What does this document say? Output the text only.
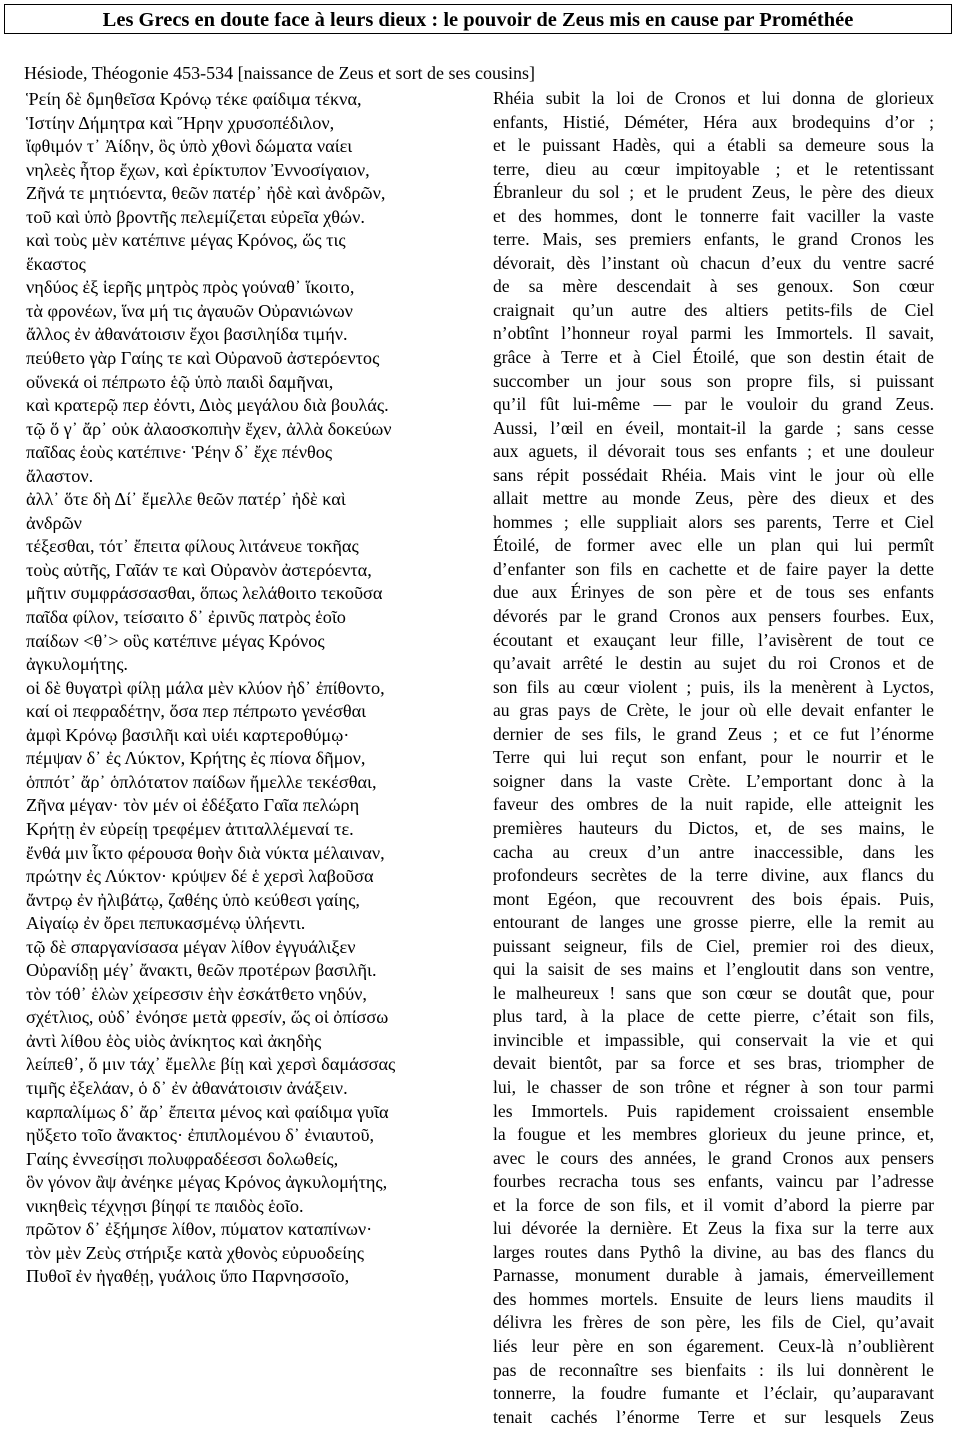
Les Grecs en doute face à leurs dieux : le pouvoir de Zeus mis en cause par Prométhée
Hésiode, Théogonie 453-534 [naissance de Zeus et sort de ses cousins]
Ῥείη δὲ δμηθεῖσα Κρόνῳ τέκε φαίδιμα τέκνα,
Ἱστίην Δήμητρα καὶ Ἥρην χρυσοπέδιλον,
ἴφθιμόν τ᾽ Ἀίδην, ὃς ὑπὸ χθονὶ δώματα ναίει
νηλεὲς ἦτορ ἔχων, καὶ ἐρίκτυπον Ἐννοσίγαιον,
Ζῆνά τε μητιόεντα, θεῶν πατέρ᾽ ἠδὲ καὶ ἀνδρῶν,
τοῦ καὶ ὑπὸ βροντῆς πελεμίζεται εὐρεῖα χθών.
καὶ τοὺς μὲν κατέπινε μέγας Κρόνος, ὥς τις
ἕκαστος
νηδύος ἐξ ἱερῆς μητρὸς πρὸς γούναθ᾽ ἵκοιτο,
τὰ φρονέων, ἵνα μή τις ἀγαυῶν Οὐρανιώνων
ἄλλος ἐν ἀθανάτοισιν ἔχοι βασιληίδα τιμήν.
πεύθετο γὰρ Γαίης τε καὶ Οὐρανοῦ ἀστερόεντος
οὕνεκά οἱ πέπρωτο ἑῷ ὑπὸ παιδὶ δαμῆναι,
καὶ κρατερῷ περ ἐόντι, Διὸς μεγάλου διὰ βουλάς.
τῷ ὅ γ᾽ ἄρ᾽ οὐκ ἀλαοσκοπιὴν ἔχεν, ἀλλὰ δοκεύων
παῖδας ἑοὺς κατέπινε· Ῥέην δ᾽ ἔχε πένθος
ἄλαστον.
ἀλλ᾽ ὅτε δὴ Δί᾽ ἔμελλε θεῶν πατέρ᾽ ἠδὲ καὶ
ἀνδρῶν
τέξεσθαι, τότ᾽ ἔπειτα φίλους λιτάνευε τοκῆας
τοὺς αὐτῆς, Γαῖάν τε καὶ Οὐρανὸν ἀστερόεντα,
μῆτιν συμφράσσασθαι, ὅπως λελάθοιτο τεκοῦσα
παῖδα φίλον, τείσαιτο δ᾽ ἐρινῦς πατρὸς ἑοῖο
παίδων <θ᾽> οὓς κατέπινε μέγας Κρόνος
ἀγκυλομήτης.
οἱ δὲ θυγατρὶ φίλῃ μάλα μὲν κλύον ἠδ᾽ ἐπίθοντο,
καί οἱ πεφραδέτην, ὅσα περ πέπρωτο γενέσθαι
ἀμφὶ Κρόνῳ βασιλῆι καὶ υἱέι καρτεροθύμῳ·
πέμψαν δ᾽ ἐς Λύκτον, Κρήτης ἐς πίονα δῆμον,
ὁππότ᾽ ἄρ᾽ ὁπλότατον παίδων ἤμελλε τεκέσθαι,
Ζῆνα μέγαν· τὸν μέν οἱ ἐδέξατο Γαῖα πελώρη
Κρήτῃ ἐν εὐρείῃ τρεφέμεν ἀτιταλλέμεναί τε.
ἔνθά μιν ἷκτο φέρουσα θοὴν διὰ νύκτα μέλαιναν,
πρώτην ἐς Λύκτον· κρύψεν δέ ἑ χερσὶ λαβοῦσα
ἄντρῳ ἐν ἠλιβάτῳ, ζαθέης ὑπὸ κεύθεσι γαίης,
Αἰγαίῳ ἐν ὄρει πεπυκασμένῳ ὑλήεντι.
τῷ δὲ σπαργανίσασα μέγαν λίθον ἐγγυάλιξεν
Οὐρανίδῃ μέγ᾽ ἄνακτι, θεῶν προτέρων βασιλῆι.
τὸν τόθ᾽ ἑλὼν χείρεσσιν ἑὴν ἐσκάτθετο νηδύν,
σχέτλιος, οὐδ᾽ ἐνόησε μετὰ φρεσίν, ὥς οἱ ὀπίσσω
ἀντὶ λίθου ἑὸς υἱὸς ἀνίκητος καὶ ἀκηδὴς
λείπεθ᾽, ὅ μιν τάχ᾽ ἔμελλε βίῃ καὶ χερσὶ δαμάσσας
τιμῆς ἐξελάαν, ὁ δ᾽ ἐν ἀθανάτοισιν ἀνάξειν.
καρπαλίμως δ᾽ ἄρ᾽ ἔπειτα μένος καὶ φαίδιμα γυῖα
ηὔξετο τοῖο ἄνακτος· ἐπιπλομένου δ᾽ ἐνιαυτοῦ,
Γαίης ἐννεσίῃσι πολυφραδέεσσι δολωθείς,
ὃν γόνον ἂψ ἀνέηκε μέγας Κρόνος ἀγκυλομήτης,
νικηθεὶς τέχνῃσι βίηφί τε παιδὸς ἑοῖο.
πρῶτον δ᾽ ἐξήμησε λίθον, πύματον καταπίνων·
τὸν μὲν Ζεὺς στήριξε κατὰ χθονὸς εὐρυοδείης
Πυθοῖ ἐν ἠγαθέῃ, γυάλοις ὕπο Παρνησσοῖο,
Rhéia subit la loi de Cronos et lui donna de glorieux
enfants, Histié, Déméter, Héra aux brodequins d’or ;
et le puissant Hadès, qui a établi sa demeure sous la
terre, dieu au cœur impitoyable ; et le retentissant
Ébranleur du sol ; et le prudent Zeus, le père des dieux
et des hommes, dont le tonnerre fait vaciller la vaste
terre. Mais, ses premiers enfants, le grand Cronos les
dévorait, dès l’instant où chacun d’eux du ventre sacré
de sa mère descendait à ses genoux. Son cœur
craignait qu’un autre des altiers petits-fils de Ciel
n’obtînt l’honneur royal parmi les Immortels. Il savait,
grâce à Terre et à Ciel Étoilé, que son destin était de
succomber un jour sous son propre fils, si puissant
qu’il fût lui-même — par le vouloir du grand Zeus.
Aussi, l’œil en éveil, montait-il la garde ; sans cesse
aux aguets, il dévorait tous ses enfants ; et une douleur
sans répit possédait Rhéia. Mais vint le jour où elle
allait mettre au monde Zeus, père des dieux et des
hommes ; elle suppliait alors ses parents, Terre et Ciel
Étoilé, de former avec elle un plan qui lui permît
d’enfanter son fils en cachette et de faire payer la dette
due aux Érinyes de son père et de tous ses enfants
dévorés par le grand Cronos aux pensers fourbes. Eux,
écoutant et exauçant leur fille, l’avisèrent de tout ce
qu’avait arrêté le destin au sujet du roi Cronos et de
son fils au cœur violent ; puis, ils la menèrent à Lyctos,
au gras pays de Crète, le jour où elle devait enfanter le
dernier de ses fils, le grand Zeus ; et ce fut l’énorme
Terre qui lui reçut son enfant, pour le nourrir et le
soigner dans la vaste Crète. L’emportant donc à la
faveur des ombres de la nuit rapide, elle atteignit les
premières hauteurs du Dictos, et, de ses mains, le
cacha au creux d’un antre inaccessible, dans les
profondeurs secrètes de la terre divine, aux flancs du
mont Egéon, que recouvrent des bois épais. Puis,
entourant de langes une grosse pierre, elle la remit au
puissant seigneur, fils de Ciel, premier roi des dieux,
qui la saisit de ses mains et l’engloutit dans son ventre,
le malheureux ! sans que son cœur se doutât que, pour
plus tard, à la place de cette pierre, c’était son fils,
invincible et impassible, qui conservait la vie et qui
devait bientôt, par sa force et ses bras, triompher de
lui, le chasser de son trône et régner à son tour parmi
les Immortels. Puis rapidement croissaient ensemble
la fougue et les membres glorieux du jeune prince, et,
avec le cours des années, le grand Cronos aux pensers
fourbes recracha tous ses enfants, vaincu par l’adresse
et la force de son fils, et il vomit d’abord la pierre par
lui dévorée la dernière. Et Zeus la fixa sur la terre aux
larges routes dans Pythô la divine, au bas des flancs du
Parnasse, monument durable à jamais, émerveillement
des hommes mortels. Ensuite de leurs liens maudits il
délivra les frères de son père, les fils de Ciel, qu’avait
liés leur père en son égarement. Ceux-là n’oublièrent
pas de reconnaître ses bienfaits : ils lui donnèrent le
tonnerre, la foudre fumante et l’éclair, qu’auparavant
tenait cachés l’énorme Terre et sur lesquels Zeus
